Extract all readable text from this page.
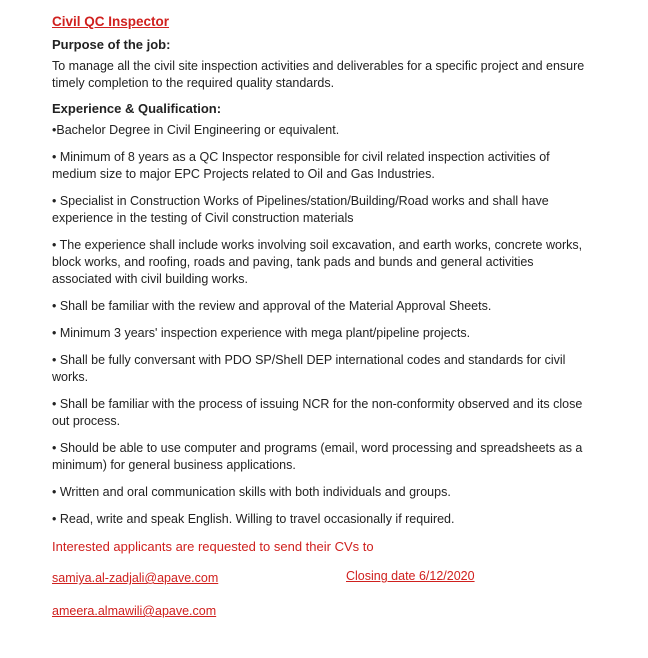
Civil QC Inspector
Purpose of the job:
To manage all the civil site inspection activities and deliverables for a specific project and ensure timely completion to the required quality standards.
Experience & Qualification:
•Bachelor Degree in Civil Engineering or equivalent.
• Minimum of 8 years as a QC Inspector responsible for civil related inspection activities of medium size to major EPC Projects related to Oil and Gas Industries.
• Specialist in Construction Works of Pipelines/station/Building/Road works and shall have experience in the testing of Civil construction materials
• The experience shall include works involving soil excavation, and earth works, concrete works, block works, and roofing, roads and paving, tank pads and bunds and general activities associated with civil building works.
• Shall be familiar with the review and approval of the Material Approval Sheets.
• Minimum 3 years' inspection experience with mega plant/pipeline projects.
• Shall be fully conversant with PDO SP/Shell DEP international codes and standards for civil works.
• Shall be familiar with the process of issuing NCR for the non-conformity observed and its close out process.
• Should be able to use computer and programs (email, word processing and spreadsheets as a minimum) for general business applications.
• Written and oral communication skills with both individuals and groups.
• Read, write and speak English. Willing to travel occasionally if required.
Interested applicants are requested to send their CVs to
samiya.al-zadjali@apave.com	Closing date 6/12/2020
ameera.almawili@apave.com
